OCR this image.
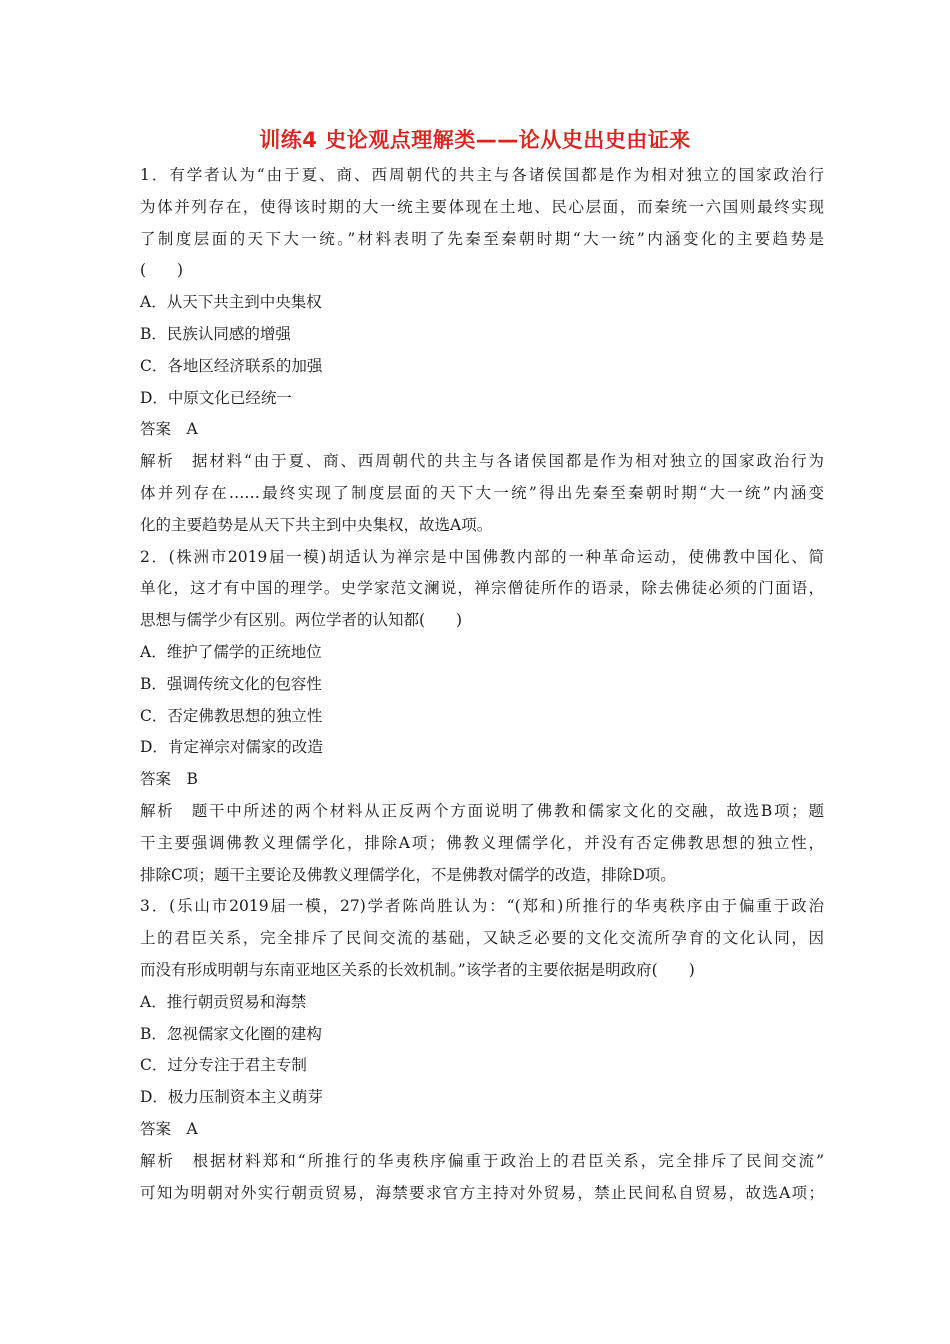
训练4 史论观点理解类——论从史出史由证来
1．有学者认为“由于夏、商、西周朝代的共主与各诸侯国都是作为相对独立的国家政治行
为体并列存在，使得该时期的大一统主要体现在土地、民心层面，而秦统一六国则最终实现
了制度层面的天下大一统。”材料表明了先秦至秦朝时期“大一统”内涵变化的主要趋势是
(　　)
A．从天下共主到中央集权
B．民族认同感的增强
C．各地区经济联系的加强
D．中原文化已经统一
答案　A
解析　据材料“由于夏、商、西周朝代的共主与各诸侯国都是作为相对独立的国家政治行为
体并列存在……最终实现了制度层面的天下大一统”得出先秦至秦朝时期“大一统”内涵变
化的主要趋势是从天下共主到中央集权，故选A项。
2．(株洲市2019届一模)胡适认为禅宗是中国佛教内部的一种革命运动，使佛教中国化、简
单化，这才有中国的理学。史学家范文澜说，禅宗僧徒所作的语录，除去佛徒必须的门面语，
思想与儒学少有区别。两位学者的认知都(　　)
A．维护了儒学的正统地位
B．强调传统文化的包容性
C．否定佛教思想的独立性
D．肯定禅宗对儒家的改造
答案　B
解析　题干中所述的两个材料从正反两个方面说明了佛教和儒家文化的交融，故选B项；题
干主要强调佛教义理儒学化，排除A项；佛教义理儒学化，并没有否定佛教思想的独立性，
排除C项；题干主要论及佛教义理儒学化，不是佛教对儒学的改造，排除D项。
3．(乐山市2019届一模，27)学者陈尚胜认为：“(郑和)所推行的华夷秩序由于偏重于政治
上的君臣关系，完全排斥了民间交流的基础，又缺乏必要的文化交流所孕育的文化认同，因
而没有形成明朝与东南亚地区关系的长效机制。”该学者的主要依据是明政府(　　)
A．推行朝贡贸易和海禁
B．忽视儒家文化圈的建构
C．过分专注于君主专制
D．极力压制资本主义萌芽
答案　A
解析　根据材料郑和“所推行的华夷秩序偏重于政治上的君臣关系，完全排斥了民间交流”
可知为明朝对外实行朝贡贸易，海禁要求官方主持对外贸易，禁止民间私自贸易，故选A项；
